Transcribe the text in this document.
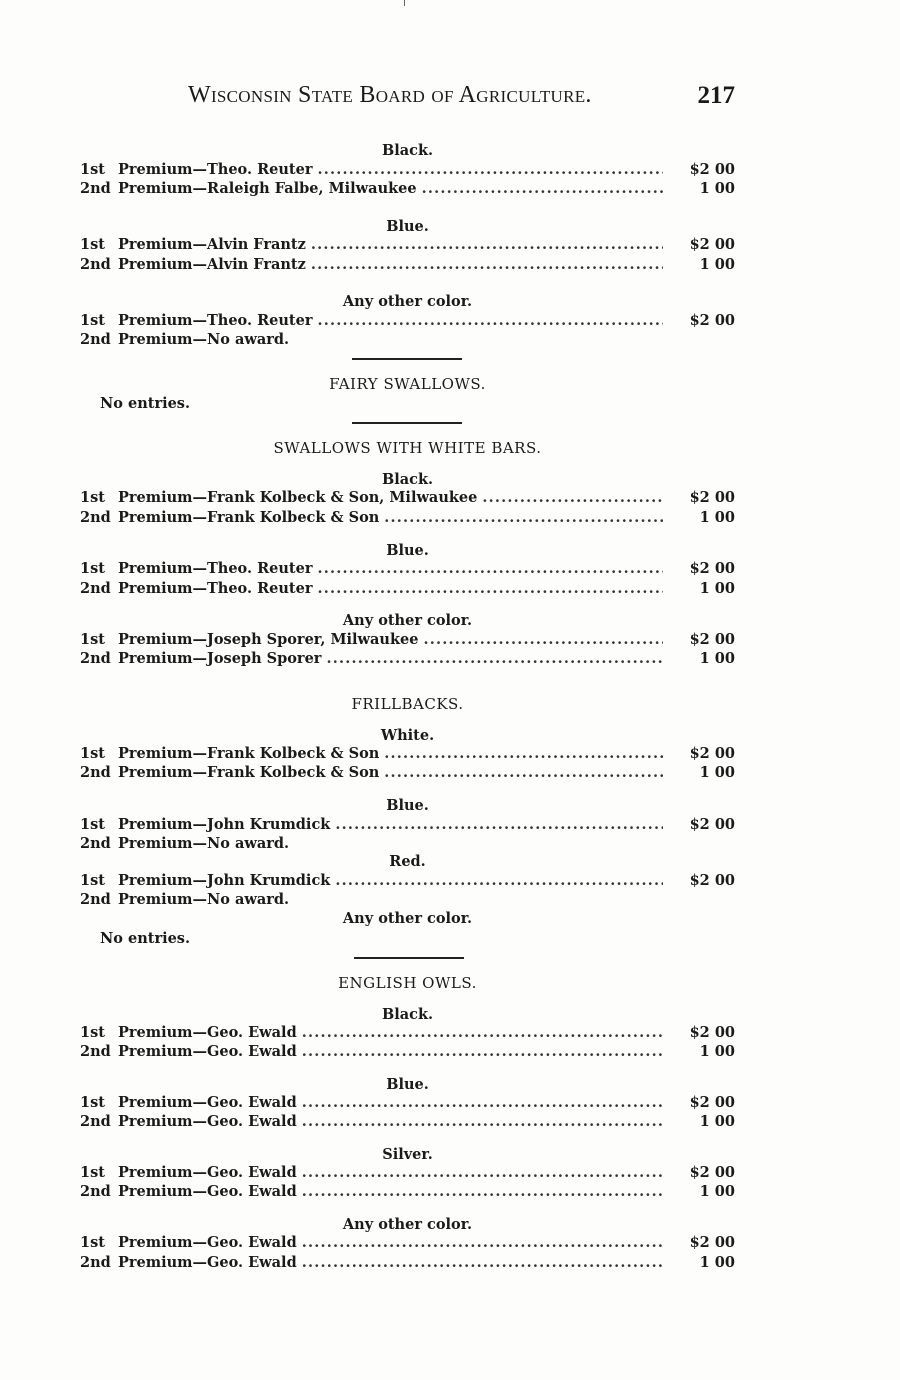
Wisconsin State Board of Agriculture.	217
Black.
1st Premium—Theo. Reuter .....	$2 00
2nd Premium—Raleigh Falbe, Milwaukee .....	1 00
Blue.
1st Premium—Alvin Frantz .....	$2 00
2nd Premium—Alvin Frantz .....	1 00
Any other color.
1st Premium—Theo. Reuter .....	$2 00
2nd Premium—No award.
FAIRY SWALLOWS.
No entries.
SWALLOWS WITH WHITE BARS.
Black.
1st Premium—Frank Kolbeck & Son, Milwaukee .....	$2 00
2nd Premium—Frank Kolbeck & Son .....	1 00
Blue.
1st Premium—Theo. Reuter .....	$2 00
2nd Premium—Theo. Reuter .....	1 00
Any other color.
1st Premium—Joseph Sporer, Milwaukee .....	$2 00
2nd Premium—Joseph Sporer .....	1 00
FRILLBACKS.
White.
1st Premium—Frank Kolbeck & Son .....	$2 00
2nd Premium—Frank Kolbeck & Son .....	1 00
Blue.
1st Premium—John Krumdick .....	$2 00
2nd Premium—No award.
Red.
1st Premium—John Krumdick .....	$2 00
2nd Premium—No award.
Any other color.
No entries.
ENGLISH OWLS.
Black.
1st Premium—Geo. Ewald .....	$2 00
2nd Premium—Geo. Ewald .....	1 00
Blue.
1st Premium—Geo. Ewald .....	$2 00
2nd Premium—Geo. Ewald .....	1 00
Silver.
1st Premium—Geo. Ewald .....	$2 00
2nd Premium—Geo. Ewald .....	1 00
Any other color.
1st Premium—Geo. Ewald .....	$2 00
2nd Premium—Geo. Ewald .....	1 00
